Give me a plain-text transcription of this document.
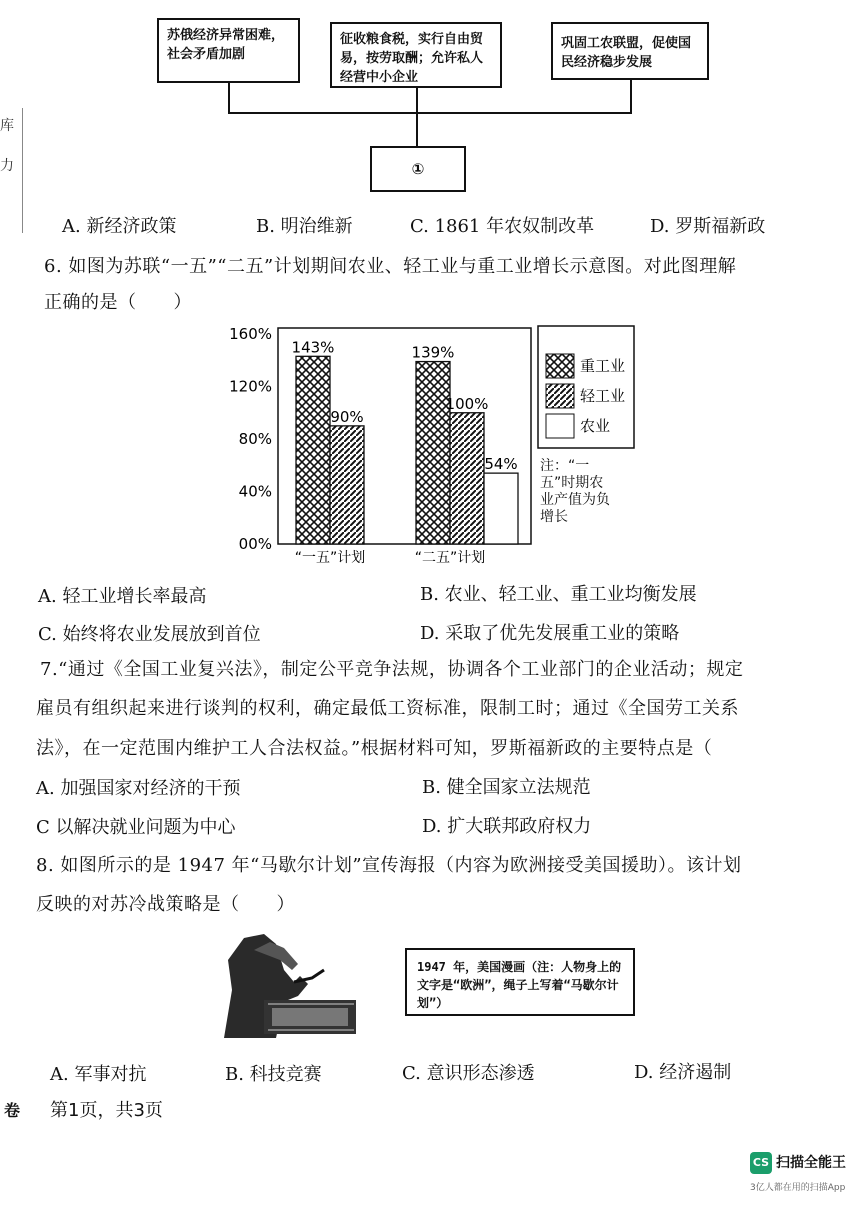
苏俄经济异常困难，社会矛盾加剧
征收粮食税，实行自由贸易，按劳取酬；允许私人经营中小企业
巩固工农联盟，促使国民经济稳步发展
①
库
力
A. 新经济政策	B. 明治维新	C. 1861 年农奴制改革	D. 罗斯福新政
6. 如图为苏联“一五”“二五”计划期间农业、轻工业与重工业增长示意图。对此图理解
正确的是（　　）
00%
40%
80%
120%
160%
143%
90%
139%
100%
54%
“一五”计划	“二五”计划
重工业
轻工业
农业
注：“一五”时期农业产值为负增长
A. 轻工业增长率最高	B. 农业、轻工业、重工业均衡发展
C. 始终将农业发展放到首位	D. 采取了优先发展重工业的策略
7.“通过《全国工业复兴法》，制定公平竞争法规，协调各个工业部门的企业活动；规定
雇员有组织起来进行谈判的权利，确定最低工资标准，限制工时；通过《全国劳工关系
法》，在一定范围内维护工人合法权益。”根据材料可知，罗斯福新政的主要特点是（
A. 加强国家对经济的干预	B. 健全国家立法规范
C 以解决就业问题为中心	D. 扩大联邦政府权力
8. 如图所示的是 1947 年“马歇尔计划”宣传海报（内容为欧洲接受美国援助）。该计划
反映的对苏冷战策略是（　　）
1947 年，美国漫画（注：人物身上的文字是“欧洲”，绳子上写着“马歇尔计划”）
A. 军事对抗	B. 科技竞赛	C. 意识形态渗透	D. 经济遏制
卷 第1页，共3页
CS 扫描全能王
3亿人都在用的扫描App
